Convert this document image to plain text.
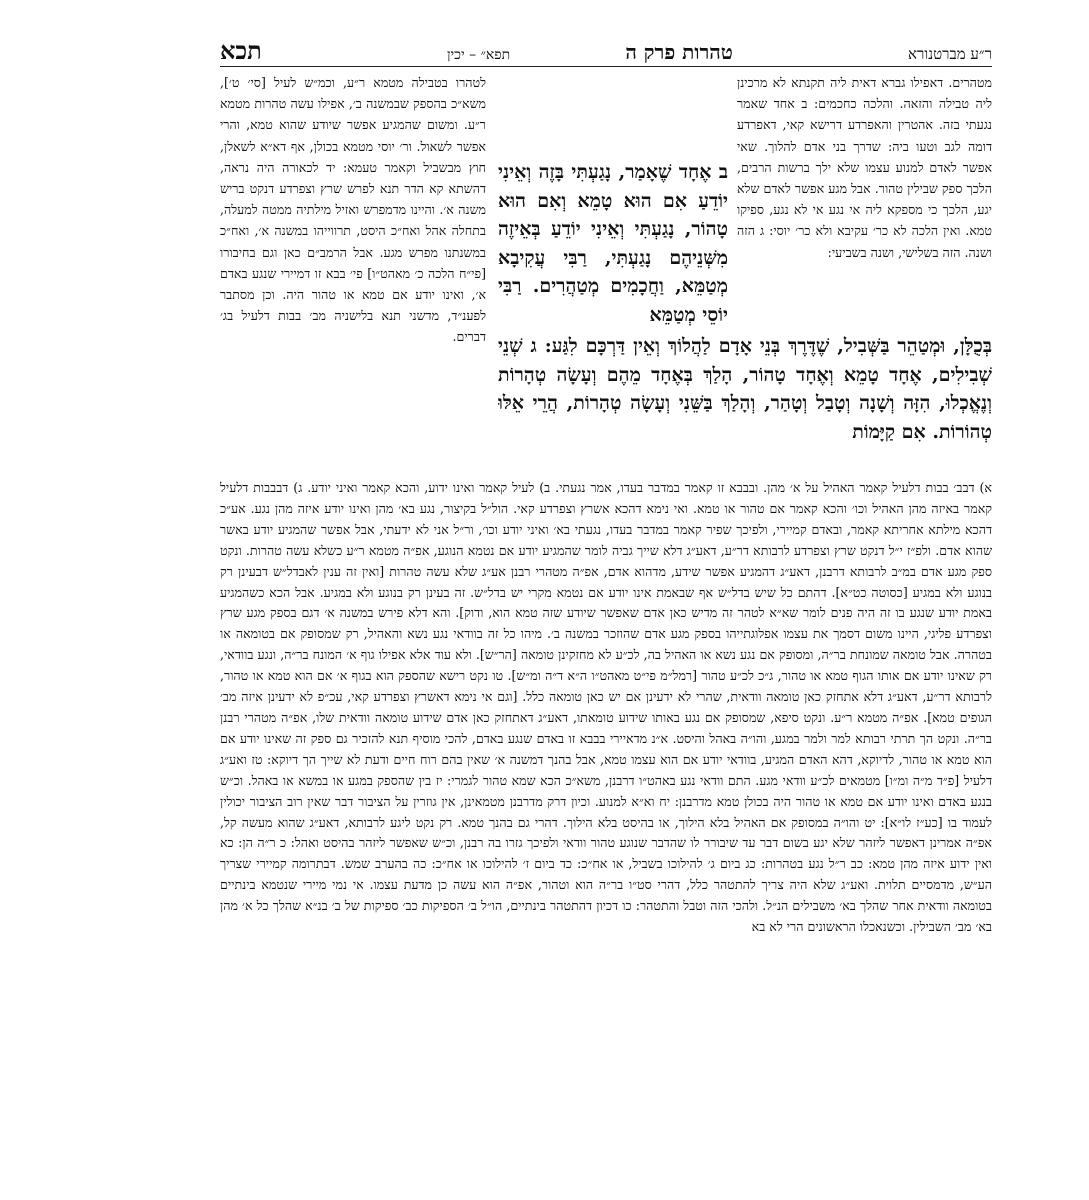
ר״ע מברטנורא
טהרות פרק ה
תפא״ – יכין
תכא

מטהרים. דאפילו גברא דאית ליה תקנתא לא מרכינן ליה טבילה והזאה. והלכה כחכמים: ב אחד שאמר נגעתי בזה. אהטרין והאפרדע דרישא קאי, דאפרדע דומה לגב וטעו ביה: שדרך בני אדם להלוך. שאי אפשר לאדם למנוע עצמו שלא ילך ברשות הרבים, הלכך ספק שבילין טהור. אבל מגע אפשר לאדם שלא יגע, הלכך כי מספקא ליה אי נגע אי לא נגע, ספיקו טמא. ואין הלכה לא כר׳ עקיבא ולא כר׳ יוסי: ג הזה ושנה. הזה בשלישי, ושנה בשביעי:

לטהרו בטבילה מטמא ר״ע, וכמ״ש לעיל [סי׳ ט׳], משא״כ בהספק שבמשנה ב׳, אפילו עשה טהרות מטמא ר״ע. ומשום שהמגיע אפשר שיודע שהוא טמא, והרי אפשר לשאול. ור׳ יוסי מטמא בכולן, אף דא״א לשאלן, חוץ מבשביל וקאמר טעמא: יד לכאורה היה נראה, דהשתא קא הדר תנא לפרש שרץ וצפרדע דנקט בריש משנה א׳. והיינו מדמפרש ואזיל מילתיה ממטה למעלה, בתחלה אהל ואח״כ היסט, תרווייהו במשנה א׳, ואח״כ במשנתנו מפרש מגע. אבל הרמב״ם כאן וגם בחיבורו [פי״ח הלכה כ׳ מאהט״ו] פי׳ בבא זו דמיירי שנגע באדם א׳, ואינו יודע אם טמא או טהור היה. וכן מסתבר לפענ״ד, מדשני תנא בלישניה מב׳ בבות דלעיל בג׳ דברים.

ב אֶחָד שֶׁאָמַר, נָגַעְתִּי בָּזֶה וְאֵינִי יוֹדֵעַ אִם הוּא טָמֵא וְאִם הוּא טָהוֹר, נָגַעְתִּי וְאֵינִי יוֹדֵעַ בְּאֵיזֶה מִשְּׁנֵיהֶם נָגַעְתִּי, רַבִּי עֲקִיבָא מְטַמֵּא, וַחֲכָמִים מְטַהֲרִים. רַבִּי יוֹסֵי מְטַמֵּא

בְּכֻלָּן, וּמְטַהֵר בַּשְּׁבִיל, שֶׁדֶּרֶךְ בְּנֵי אָדָם לַהֲלוֹךְ וְאֵין דַּרְכָּם לִגַּע: ג שְׁנֵי שְׁבִילִים, אֶחָד טָמֵא וְאֶחָד טָהוֹר, הָלַךְ בְּאֶחָד מֵהֶם וְעָשָׂה טְהָרוֹת וְנֶאֱכְלוּ, הִזָּה וְשָׁנָה וְטָבַל וְטָהַר, וְהָלַךְ בַּשֵּׁנִי וְעָשָׂה טְהָרוֹת, הֲרֵי אֵלּוּ טְהוֹרוֹת. אִם קַיָּמוֹת

א) דבב׳ בבות דלעיל קאמר האהיל על א׳ מהן. ובבבא זו קאמר במדבר בעדו, אמר נגעתי. ב) לעיל קאמר ואינו ידוע, והכא קאמר ואיני יודע. ג) דבבבות דלעיל קאמר באיזה מהן האהיל וכו׳ והכא קאמר אם טהור או טמא. ואי נימא דהכא אשרץ וצפרדע קאי. הול״ל בקיצור, נגע בא׳ מהן ואינו יודע איזה מהן נגע. אע״כ דהכא מילתא אחריתא קאמר, ובאדם קמיירי, ולפיכך שפיר קאמר במדבר בעדו, נגעתי בא׳ ואיני יודע וכו׳, ור״ל אני לא ידעתי, אבל אפשר שהמגיע יודע באשר שהוא אדם. ולפ״ז י״ל דנקט שרץ וצפרדע לרבותא דר״ע, דאע״ג דלא שייך גביה לומר שהמגיע יודע אם נטמא הנוגע, אפ״ה מטמא ר״ע כשלא עשה טהרות. ונקט ספק מגע אדם במ״ב לרבותא דרבנן, דאע״ג דהמגיע אפשר שידע, מדהוא אדם, אפ״ה מטהרי רבנן אע״ג שלא עשה טהרות [ואין זה ענין לאבדל״ש דבעינן רק בנוגע ולא במגיע [כסוטה כט״א]. דהתם כל שיש בדל״ש אף שבאמת אינו יודע אם נטמא מקרי יש בדל״ש. זה בעינן רק בנוגע ולא במגיע. אבל הכא כשהמגיע באמת יודע שנגע בו זה היה פנים לומר שא״א לטהר זה מדיש כאן אדם שאפשר שיודע שזה טמא הוא, ודוק]. והא דלא פירש במשנה א׳ דגם בספק מגע שרץ וצפרדע פליגי, היינו משום דסמך את עצמו אפלוגתייהו בספק מגע אדם שהוזכר במשנה ב׳. מיהו כל זה בוודאי נגע נשא והאהיל, רק שמסופק אם בטומאה או בטהרה. אבל טומאה שמונחת בר״ה, ומסופק אם נגע נשא או האהיל בה, לכ״ע לא מחזקינן טומאה [הר״ש]. ולא עוד אלא אפילו גוף א׳ המונח בר״ה, ונגע בוודאי, רק שאינו יודע אם אותו הגוף טמא או טהור, ג״כ לכ״ע טהור [רמל״מ פי״ט מאהט״ו ה״א ד״ה ומ״ש]. טו נקט רישא שהספק הוא בגוף א׳ אם הוא טמא או טהור, לרבותא דר״ע, דאע״ג דלא אתחזק כאן טומאה וודאית, שהרי לא ידעינן אם יש כאן טומאה כלל. [וגם אי נימא דאשרץ וצפרדע קאי, עכ״פ לא ידעינן איזה מב׳ הגופים טמא]. אפ״ה מטמא ר״ע. ונקט סיפא, שמסופק אם נגע באותו שידוע טומאתו, דאע״ג דאתחזק כאן אדם שידוע טומאה וודאית שלו, אפ״ה מטהרי רבנן בר״ה. ונקט הך תרתי רבותא למר ולמר במגע, והו״ה באהל והיסט. א״נ מדאיירי בבבא זו באדם שנגע באדם, להכי מוסיף תנא להזכיר גם ספק זה שאינו יודע אם הוא טמא או טהור, לדיוקא, דהא האדם המגיע, בוודאי יודע אם הוא עצמו טמא, אבל בהנך דמשנה א׳ שאין בהם רוח חיים ודעת לא שייך הך דיוקא: טז ואע״ג דלעיל [פ״ד מ״ה ומ״ו] מטמאים לכ״ע וודאי מגע. התם וודאי נגע באהט״ו דרבנן, משא״כ הכא שמא טהור לגמרי: יז בין שהספק במגע או במשא או באהל. וכ״ש בנגע באדם ואינו יודע אם טמא או טהור היה בכולן טמא מדרבנן: יח וא״א למנוע. וכיון דרק מדרבנן מטמאינן, אין גוזרין על הציבור דבר שאין רוב הציבור יכולין לעמוד בו [כע״ז לו״א]: יט והו״ה במסופק אם האהיל בלא הילוך, או בהיסט בלא הילוך. דהרי גם בהנך טמא. רק נקט ליגע לרבותא, דאע״ג שהוא מעשה קל, אפ״ה אמרינן דאפשר ליזהר שלא יגע בשום דבר עד שיבורר לו שהדבר שנוגע טהור וודאי ולפיכך גזרו בה רבנן, וכ״ש שאפשר ליזהר בהיסט ואהל: כ ר״ה הן: כא ואין ידוע איזה מהן טמא: כב ר״ל נגע בטהרות: כג ביום ג׳ להילוכו בשביל, או אח״כ: כד ביום ז׳ להילוכו או אח״כ: כה בהערב שמש. דבתרומה קמיירי שצריך הע״ש, מדמסיים תלוית. ואע״ג שלא היה צריך להתטהר כלל, דהרי סט״ו בר״ה הוא וטהור, אפ״ה הוא עשה כן מדעת עצמו. אי נמי מיירי שנטמא בינתיים בטומאה וודאית אחר שהלך בא׳ משבילים הנ״ל. ולהכי הזה וטבל והתטהר: כו דכיון דהתטהר בינתיים, הו״ל ב׳ הספיקות כב׳ ספיקות של ב׳ בנ״א שהלך כל א׳ מהן בא׳ מב׳ השבילין. וכשנאכלו הראשונים הרי לא בא
